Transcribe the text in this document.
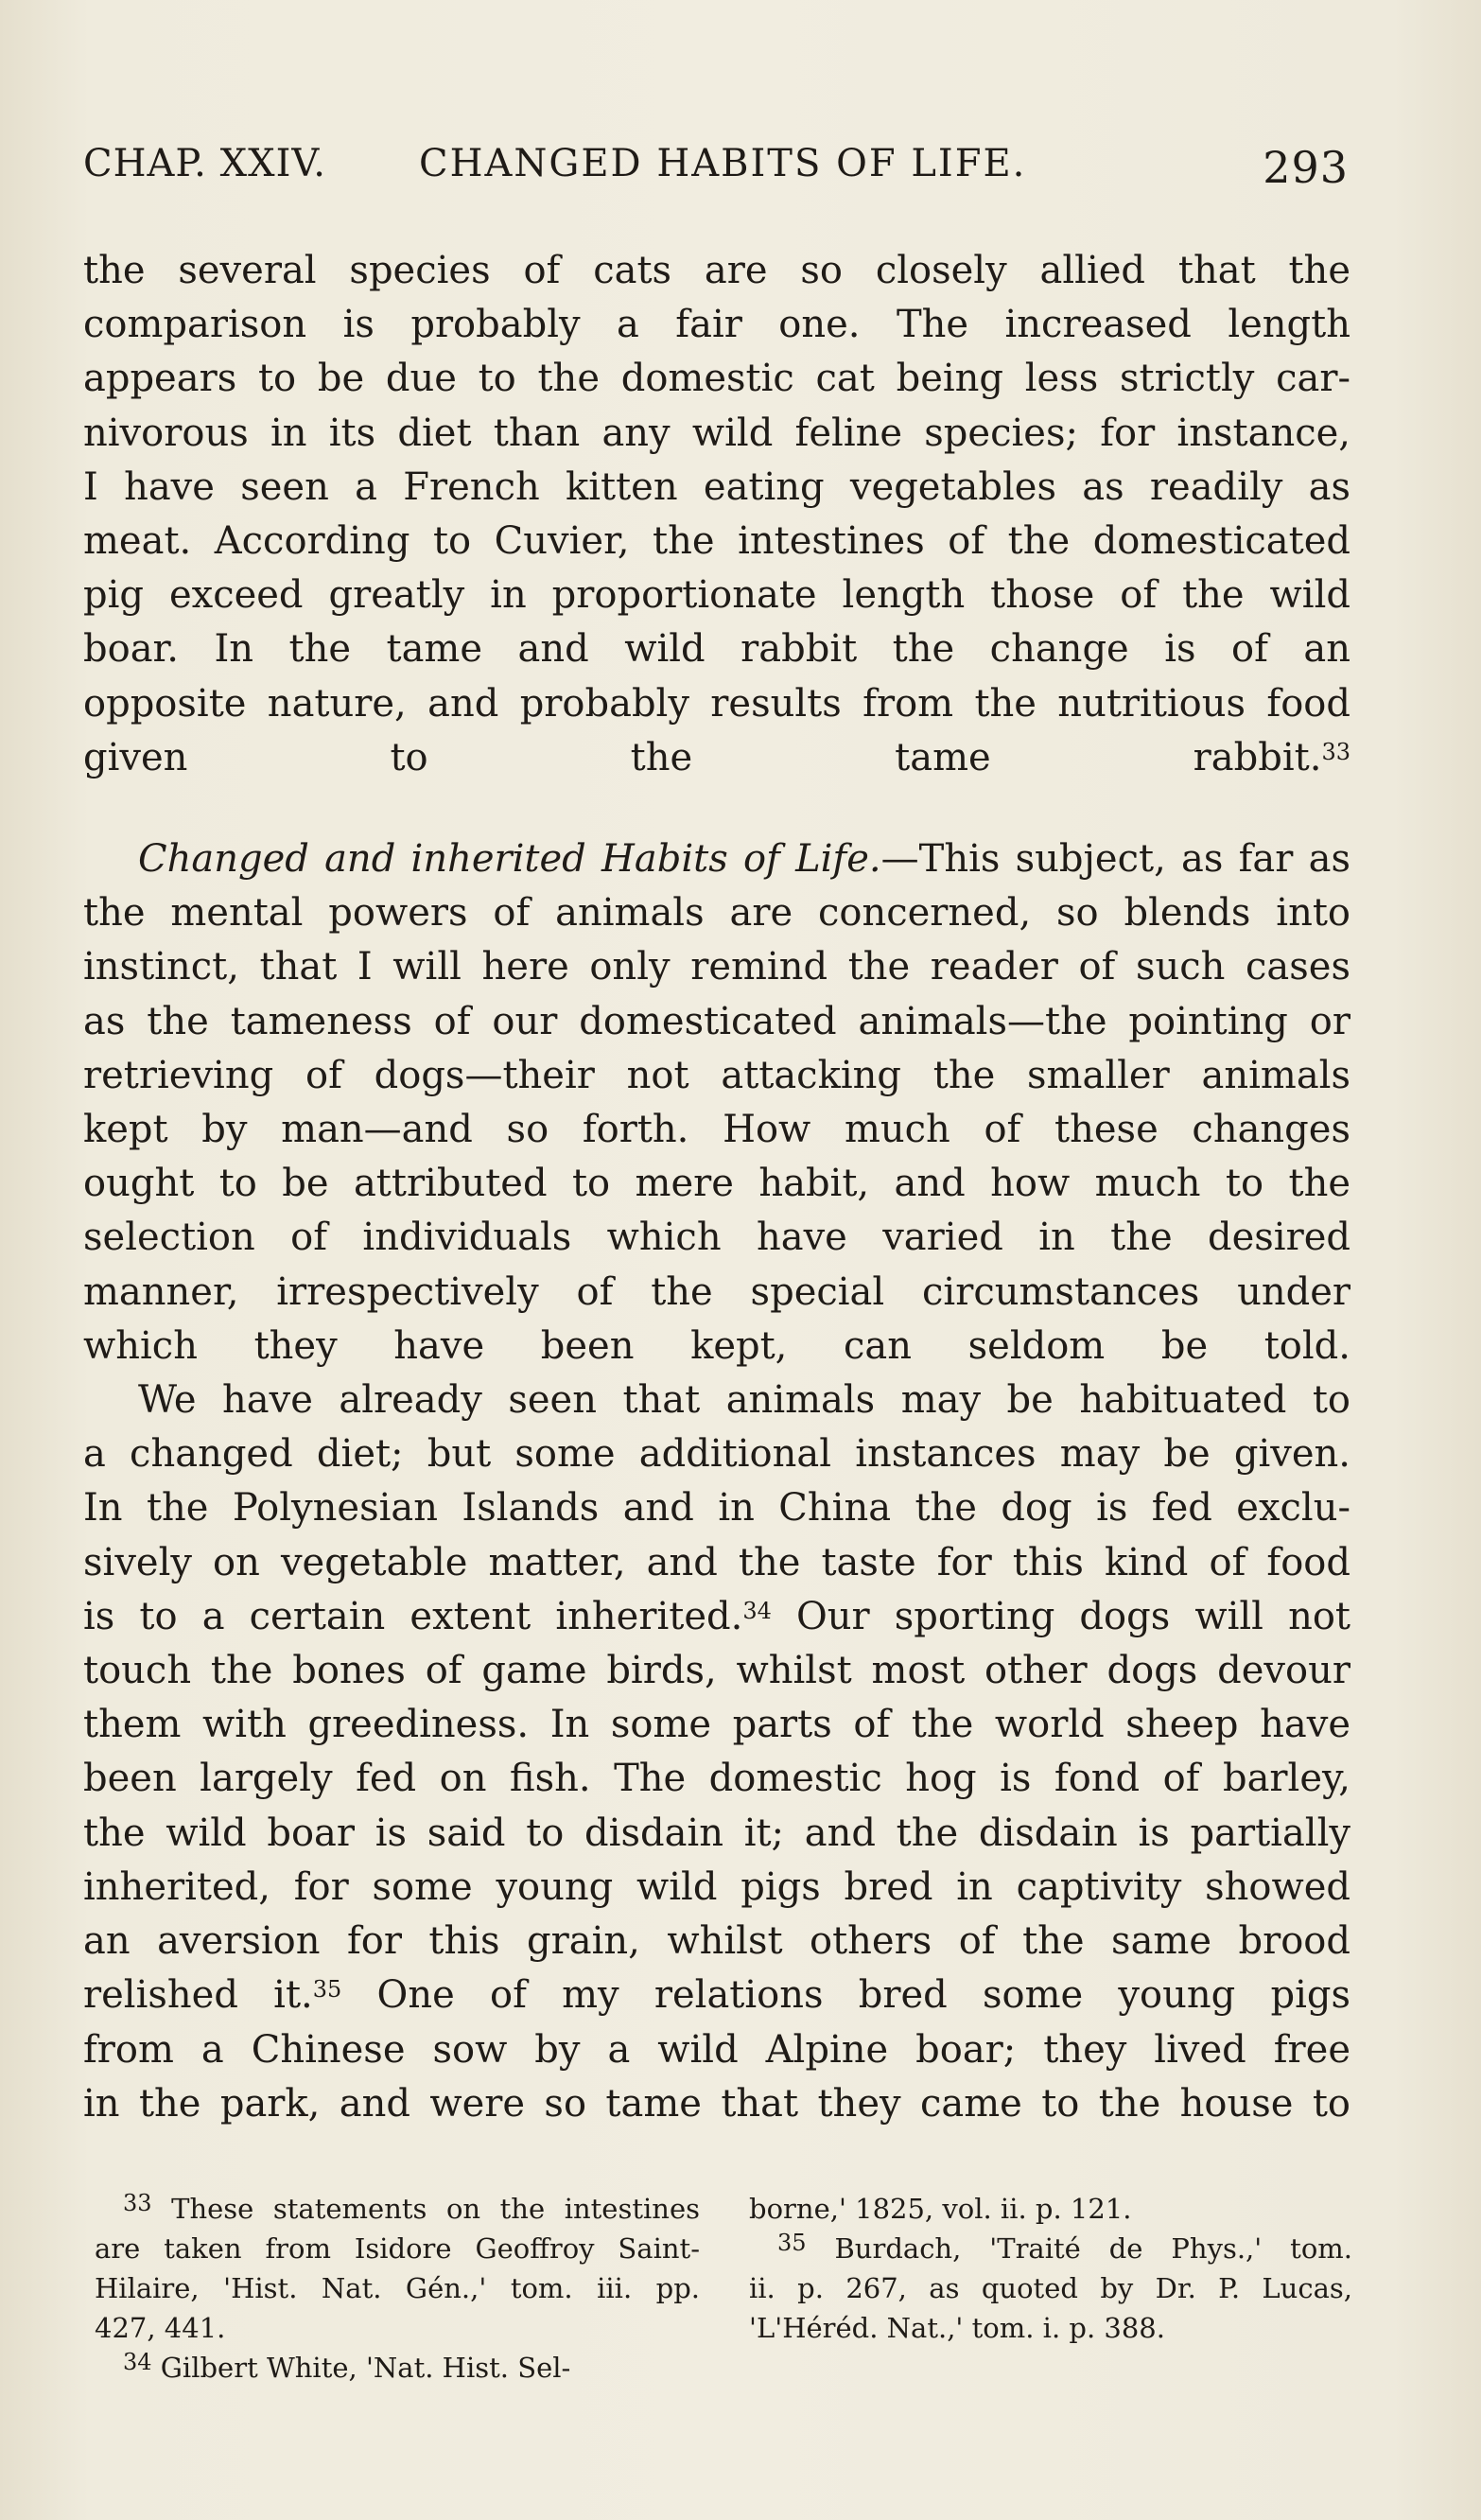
CHAP. XXIV. CHANGED HABITS OF LIFE.	293

the several species of cats are so closely allied that the
comparison is probably a fair one. The increased length
appears to be due to the domestic cat being less strictly car-
nivorous in its diet than any wild feline species; for instance,
I have seen a French kitten eating vegetables as readily as
meat. According to Cuvier, the intestines of the domesticated
pig exceed greatly in proportionate length those of the wild
boar. In the tame and wild rabbit the change is of an
opposite nature, and probably results from the nutritious food
given to the tame rabbit.$^{33}$

Changed and inherited Habits of Life.—This subject, as far as
the mental powers of animals are concerned, so blends into
instinct, that I will here only remind the reader of such cases
as the tameness of our domesticated animals—the pointing or
retrieving of dogs—their not attacking the smaller animals
kept by man—and so forth. How much of these changes
ought to be attributed to mere habit, and how much to the
selection of individuals which have varied in the desired
manner, irrespectively of the special circumstances under
which they have been kept, can seldom be told.

We have already seen that animals may be habituated to
a changed diet; but some additional instances may be given.
In the Polynesian Islands and in China the dog is fed exclu-
sively on vegetable matter, and the taste for this kind of food
is to a certain extent inherited.$^{34}$ Our sporting dogs will not
touch the bones of game birds, whilst most other dogs devour
them with greediness. In some parts of the world sheep have
been largely fed on fish. The domestic hog is fond of barley,
the wild boar is said to disdain it; and the disdain is partially
inherited, for some young wild pigs bred in captivity showed
an aversion for this grain, whilst others of the same brood
relished it.$^{35}$ One of my relations bred some young pigs
from a Chinese sow by a wild Alpine boar; they lived free
in the park, and were so tame that they came to the house to

$^{33}$ These statements on the intestines
are taken from Isidore Geoffroy Saint-
Hilaire, 'Hist. Nat. Gén.,' tom. iii. pp.
427, 441.
$^{34}$ Gilbert White, 'Nat. Hist. Sel-
borne,' 1825, vol. ii. p. 121.
$^{35}$ Burdach, 'Traité de Phys.,' tom.
ii. p. 267, as quoted by Dr. P. Lucas,
'L'Héréd. Nat.,' tom. i. p. 388.
